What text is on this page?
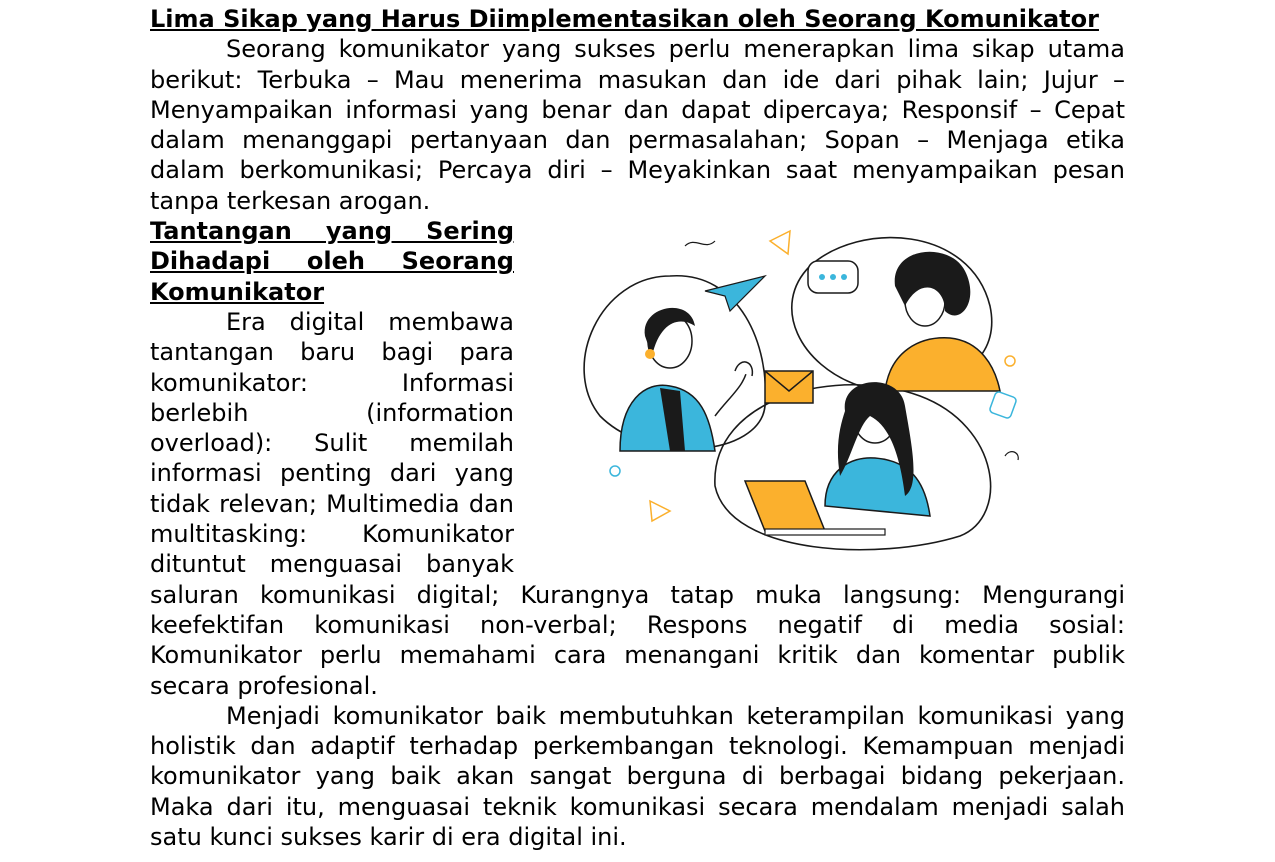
Lima Sikap yang Harus Diimplementasikan oleh Seorang Komunikator

Seorang komunikator yang sukses perlu menerapkan lima sikap utama berikut: Terbuka – Mau menerima masukan dan ide dari pihak lain; Jujur – Menyampaikan informasi yang benar dan dapat dipercaya; Responsif – Cepat dalam menanggapi pertanyaan dan permasalahan; Sopan – Menjaga etika dalam berkomunikasi; Percaya diri – Meyakinkan saat menyampaikan pesan tanpa terkesan arogan.

Tantangan yang Sering Dihadapi oleh Seorang Komunikator

Era digital membawa tantangan baru bagi para komunikator: Informasi berlebih (information overload): Sulit memilah informasi penting dari yang tidak relevan; Multimedia dan multitasking: Komunikator dituntut menguasai banyak saluran komunikasi digital; Kurangnya tatap muka langsung: Mengurangi keefektifan komunikasi non-verbal; Respons negatif di media sosial: Komunikator perlu memahami cara menangani kritik dan komentar publik secara profesional.

Menjadi komunikator baik membutuhkan keterampilan komunikasi yang holistik dan adaptif terhadap perkembangan teknologi. Kemampuan menjadi komunikator yang baik akan sangat berguna di berbagai bidang pekerjaan. Maka dari itu, menguasai teknik komunikasi secara mendalam menjadi salah satu kunci sukses karir di era digital ini.
